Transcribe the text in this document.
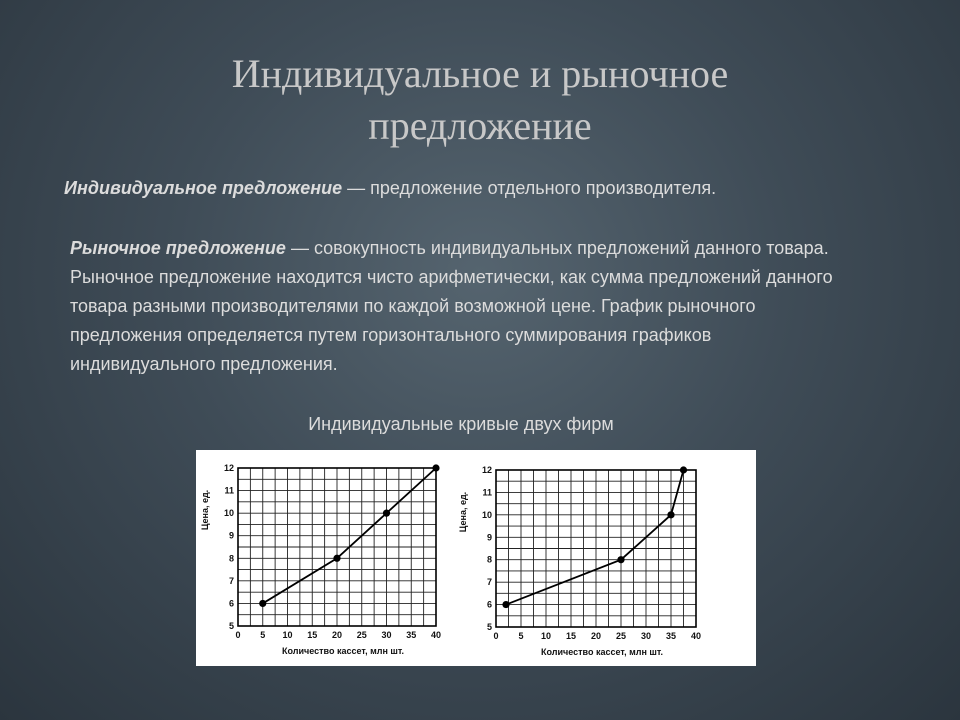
Индивидуальное и рыночное
предложение
Индивидуальное предложение — предложение отдельного производителя.
Рыночное предложение — совокупность индивидуальных предложений данного товара. Рыночное предложение находится чисто арифметически, как сумма предложений данного товара разными производителями по каждой возможной цене. График рыночного предложения определяется путем горизонтального суммирования графиков индивидуального предложения.
Индивидуальные кривые двух фирм
0 5 10 15 20 25 30 35 40
5
6
7
8
9
10
11
12
Количество кассет, млн шт.
Цена, ед.
0 5 10 15 20 25 30 35 40
5
6
7
8
9
10
11
12
Количество кассет, млн шт.
Цена, ед.
